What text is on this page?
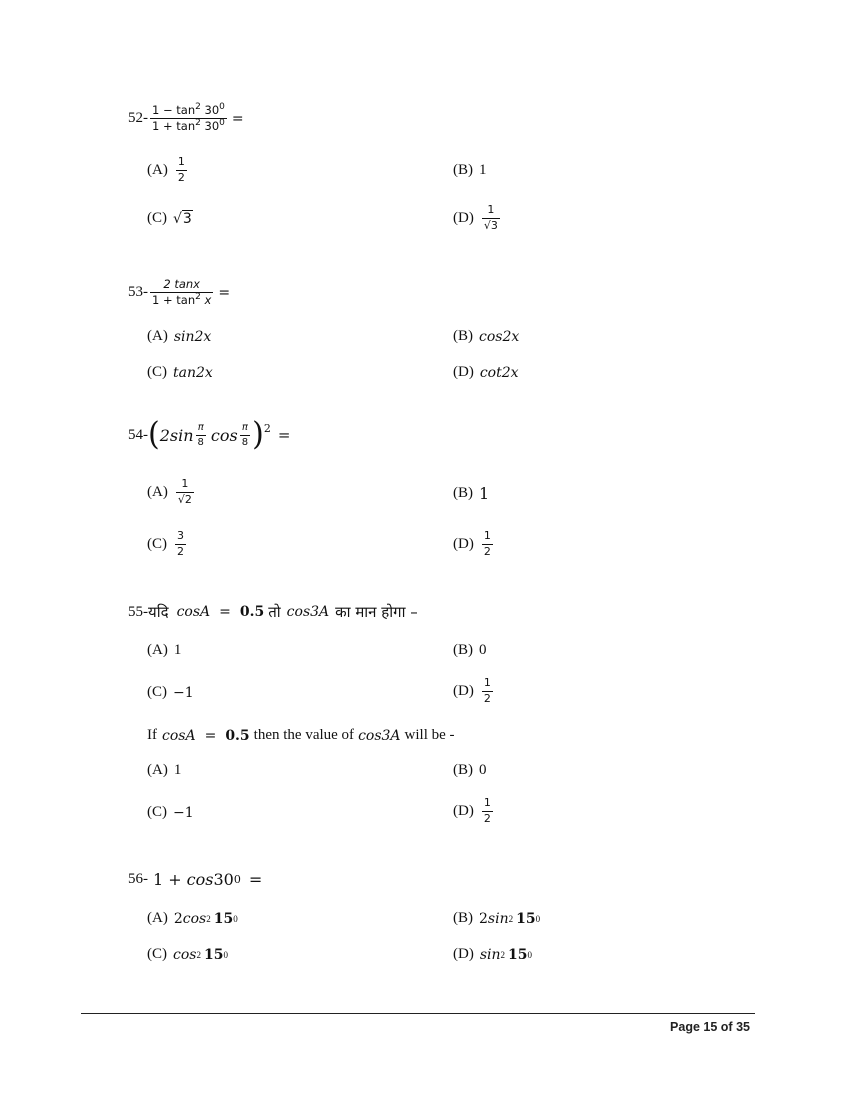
$52- \frac{1 - \tan^2 30^0}{1 + \tan^2 30^0}$ =
$(A) \frac{1}{2}$	(B) 1
(C) √3	$(D) \frac{1}{√3}$
$53- \frac{2 \tan x}{1 + \tan^2 x}$ =
(A) sin2x	(B) cos2x
(C) tan2x	(D) cot2x
54- ( $2\sin \frac{\pi}{8}$ $\cos \frac{\pi}{8}$ ) 2 =
$(A) \frac{1}{√2}$	(B) 1
$(C) \frac{3}{2}$	$(D) \frac{1}{2}$
55- यदि cosA = 0.5 तो cos3A का मान होगा –
(A) 1	(B) 0
(C) −1	$(D) \frac{1}{2}$
If cosA = 0.5 then the value of cos3A will be -
(A) 1	(B) 0
(C) −1	$(D) \frac{1}{2}$
56- 1 + cos 30 0 =
(A) 2 cos 2 15 0	(B) 2 sin 2 15 0
(C) cos 2 15 0	(D) sin 2 15 0
Page 15 of 35
